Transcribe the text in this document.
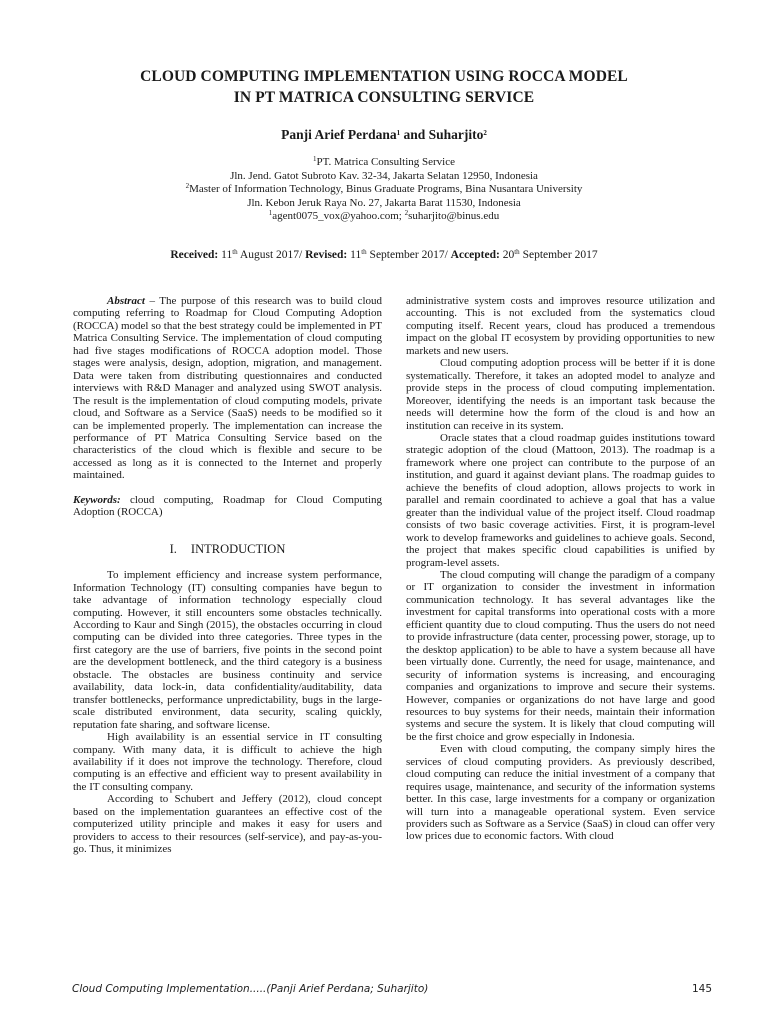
CLOUD COMPUTING IMPLEMENTATION USING ROCCA MODEL
IN PT MATRICA CONSULTING SERVICE
Panji Arief Perdana$^1$ and Suharjito$^2$
$^1$PT. Matrica Consulting Service
Jln. Jend. Gatot Subroto Kav. 32-34, Jakarta Selatan 12950, Indonesia
$^2$Master of Information Technology, Binus Graduate Programs, Bina Nusantara University
Jln. Kebon Jeruk Raya No. 27, Jakarta Barat 11530, Indonesia
$^1$agent0075_vox@yahoo.com; $^2$suharjito@binus.edu
Received: 11th August 2017/ Revised: 11th September 2017/ Accepted: 20th September 2017

Abstract – The purpose of this research was to build cloud computing referring to Roadmap for Cloud Computing Adoption (ROCCA) model so that the best strategy could be implemented in PT Matrica Consulting Service. The implementation of cloud computing had five stages modifications of ROCCA adoption model. Those stages were analysis, design, adoption, migration, and management. Data were taken from distributing questionnaires and conducted interviews with R&D Manager and analyzed using SWOT analysis. The result is the implementation of cloud computing models, private cloud, and Software as a Service (SaaS) needs to be modified so it can be implemented properly. The implementation can increase the performance of PT Matrica Consulting Service based on the characteristics of the cloud which is flexible and secure to be accessed as long as it is connected to the Internet and properly maintained.

Keywords: cloud computing, Roadmap for Cloud Computing Adoption (ROCCA)

I. INTRODUCTION

To implement efficiency and increase system performance, Information Technology (IT) consulting companies have begun to take advantage of information technology especially cloud computing. However, it still encounters some obstacles technically. According to Kaur and Singh (2015), the obstacles occurring in cloud computing can be divided into three categories. Three types in the first category are the use of barriers, five points in the second point are the development bottleneck, and the third category is a business obstacle. The obstacles are business continuity and service availability, data lock-in, data confidentiality/auditability, data transfer bottlenecks, performance unpredictability, bugs in the large-scale distributed environment, data security, scaling quickly, reputation fate sharing, and software license.

High availability is an essential service in IT consulting company. With many data, it is difficult to achieve the high availability if it does not improve the technology. Therefore, cloud computing is an effective and efficient way to present availability in the IT consulting company.

According to Schubert and Jeffery (2012), cloud concept based on the implementation guarantees an effective cost of the computerized utility principle and makes it easy for users and providers to access to their resources (self-service), and pay-as-you-go. Thus, it minimizes

administrative system costs and improves resource utilization and accounting. This is not excluded from the systematics cloud computing itself. Recent years, cloud has produced a tremendous impact on the global IT ecosystem by providing opportunities to new markets and new users.

Cloud computing adoption process will be better if it is done systematically. Therefore, it takes an adopted model to analyze and provide steps in the process of cloud computing implementation. Moreover, identifying the needs is an important task because the needs will determine how the form of the cloud is and how an institution can receive in its system.

Oracle states that a cloud roadmap guides institutions toward strategic adoption of the cloud (Mattoon, 2013). The roadmap is a framework where one project can contribute to the purpose of an institution, and guard it against deviant plans. The roadmap guides to achieve the benefits of cloud adoption, allows projects to work in parallel and remain coordinated to achieve a goal that has a value greater than the individual value of the project itself. Cloud roadmap consists of two basic coverage activities. First, it is program-level work to develop frameworks and guidelines to achieve goals. Second, the project that makes specific cloud capabilities is unified by program-level assets.

The cloud computing will change the paradigm of a company or IT organization to consider the investment in information communication technology. It has several advantages like the investment for capital transforms into operational costs with a more efficient quantity due to cloud computing. Thus the users do not need to provide infrastructure (data center, processing power, storage, up to the desktop application) to be able to have a system because all have been virtually done. Currently, the need for usage, maintenance, and security of information systems is increasing, and encouraging companies and organizations to improve and secure their systems. However, companies or organizations do not have large and good resources to buy systems for their needs, maintain their information systems and secure the system. It is likely that cloud computing will be the first choice and grow especially in Indonesia.

Even with cloud computing, the company simply hires the services of cloud computing providers. As previously described, cloud computing can reduce the initial investment of a company that requires usage, maintenance, and security of the information systems better. In this case, large investments for a company or organization will turn into a manageable operational system. Even service providers such as Software as a Service (SaaS) in cloud can offer very low prices due to economic factors. With cloud

Cloud Computing Implementation.....(Panji Arief Perdana; Suharjito)	145
